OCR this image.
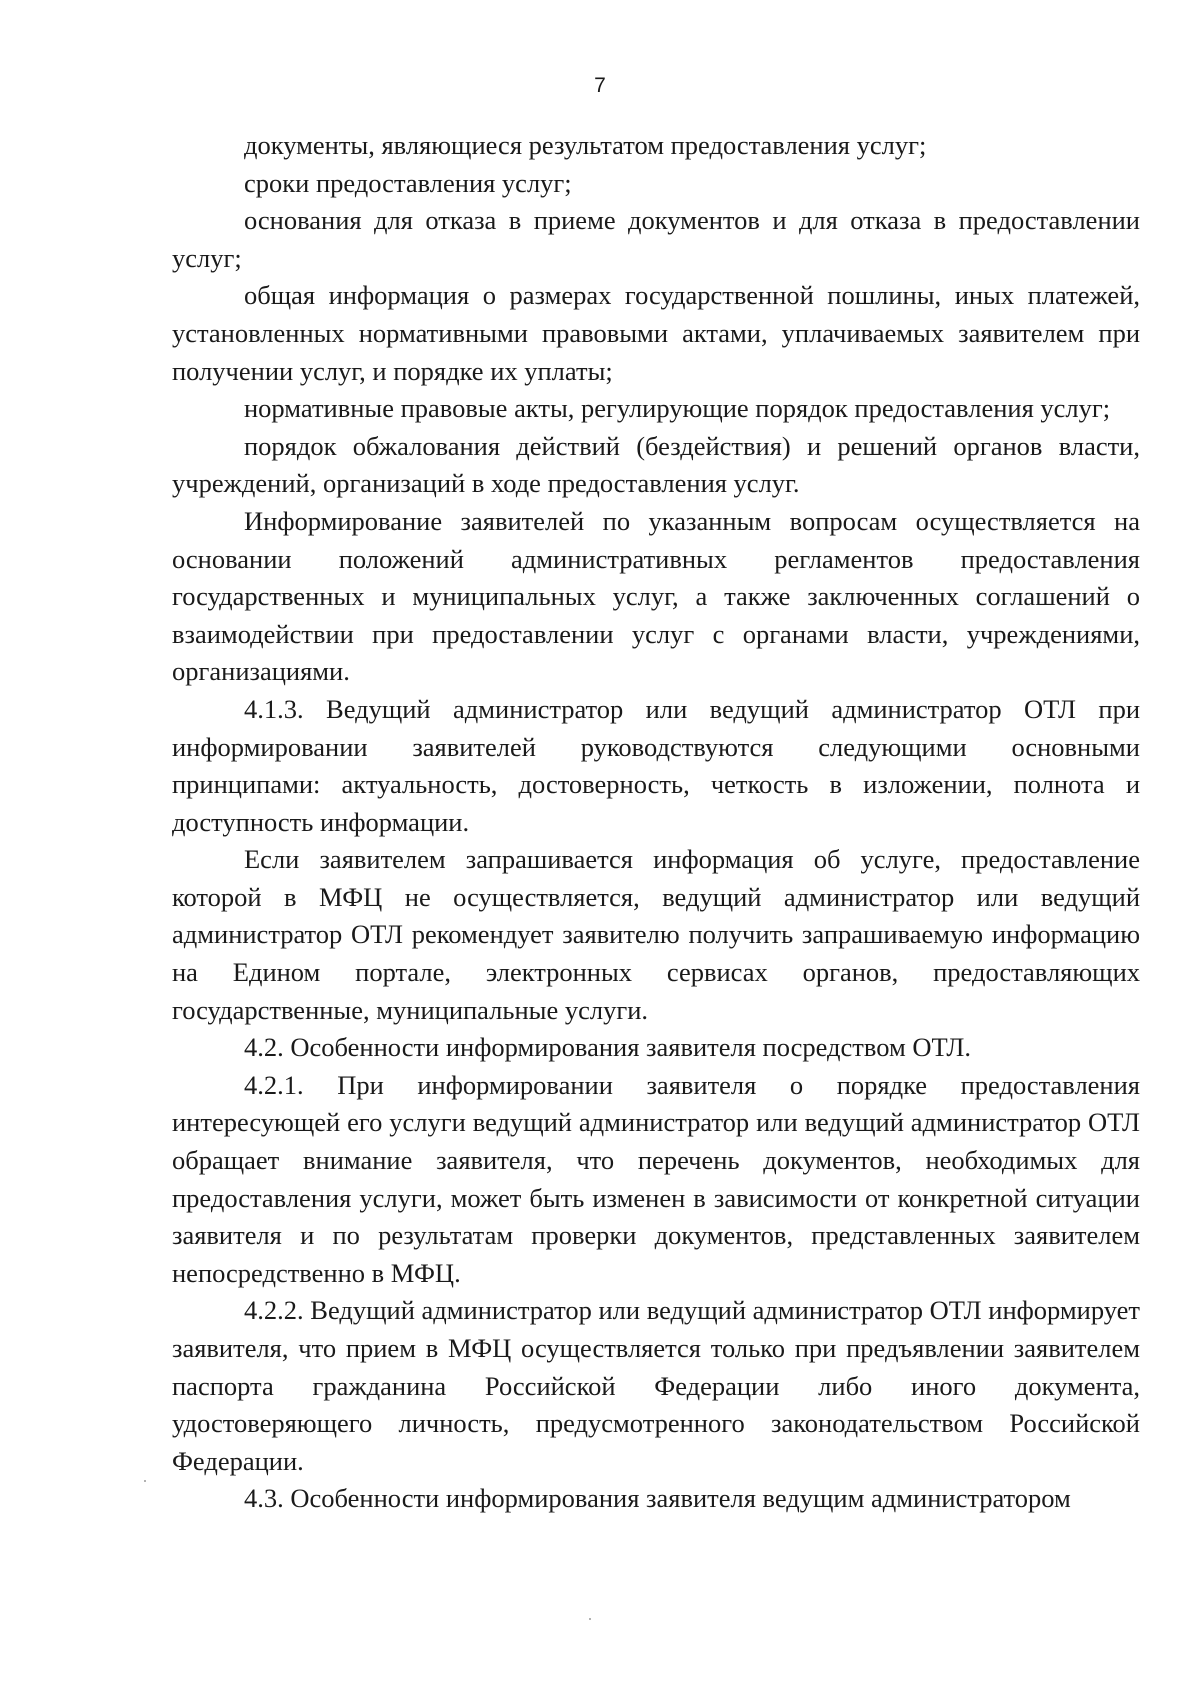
7

документы, являющиеся результатом предоставления услуг;

сроки предоставления услуг;

основания для отказа в приеме документов и для отказа в предоставлении услуг;

общая информация о размерах государственной пошлины, иных платежей, установленных нормативными правовыми актами, уплачиваемых заявителем при получении услуг, и порядке их уплаты;

нормативные правовые акты, регулирующие порядок предоставления услуг;

порядок обжалования действий (бездействия) и решений органов власти, учреждений, организаций в ходе предоставления услуг.

Информирование заявителей по указанным вопросам осуществляется на основании положений административных регламентов предоставления государственных и муниципальных услуг, а также заключенных соглашений о взаимодействии при предоставлении услуг с органами власти, учреждениями, организациями.

4.1.3. Ведущий администратор или ведущий администратор ОТЛ при информировании заявителей руководствуются следующими основными принципами: актуальность, достоверность, четкость в изложении, полнота и доступность информации.

Если заявителем запрашивается информация об услуге, предоставление которой в МФЦ не осуществляется, ведущий администратор или ведущий администратор ОТЛ рекомендует заявителю получить запрашиваемую информацию на Едином портале, электронных сервисах органов, предоставляющих государственные, муниципальные услуги.

4.2. Особенности информирования заявителя посредством ОТЛ.

4.2.1. При информировании заявителя о порядке предоставления интересующей его услуги ведущий администратор или ведущий администратор ОТЛ обращает внимание заявителя, что перечень документов, необходимых для предоставления услуги, может быть изменен в зависимости от конкретной ситуации заявителя и по результатам проверки документов, представленных заявителем непосредственно в МФЦ.

4.2.2. Ведущий администратор или ведущий администратор ОТЛ информирует заявителя, что прием в МФЦ осуществляется только при предъявлении заявителем паспорта гражданина Российской Федерации либо иного документа, удостоверяющего личность, предусмотренного законодательством Российской Федерации.

4.3. Особенности информирования заявителя ведущим администратором
